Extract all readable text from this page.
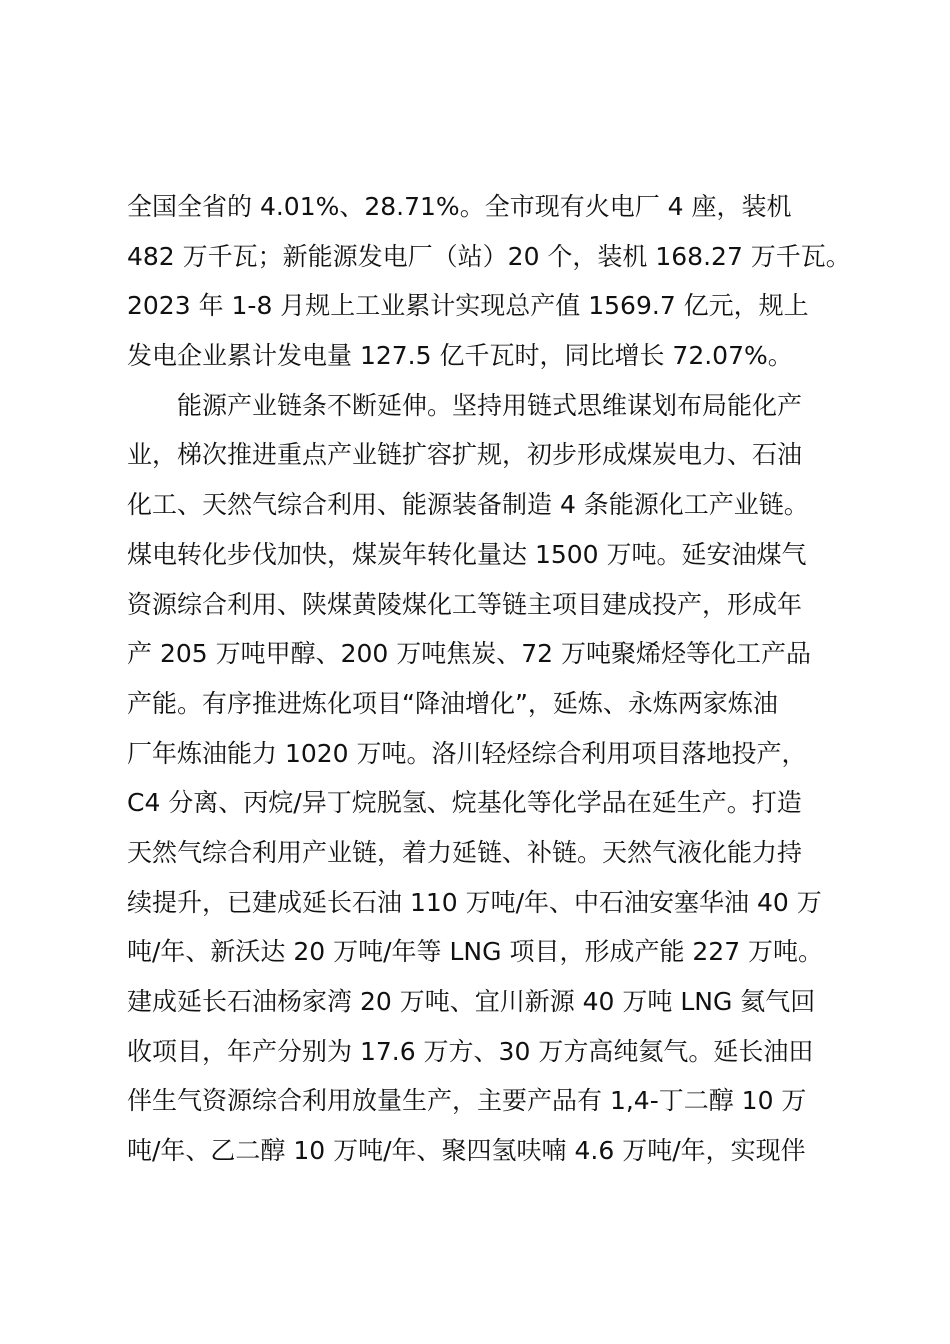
全国全省的 4.01%、28.71%。全市现有火电厂 4 座，装机
482 万千瓦；新能源发电厂（站）20 个，装机 168.27 万千瓦。
2023 年 1-8 月规上工业累计实现总产值 1569.7 亿元，规上
发电企业累计发电量 127.5 亿千瓦时，同比增长 72.07%。
能源产业链条不断延伸。坚持用链式思维谋划布局能化产
业，梯次推进重点产业链扩容扩规，初步形成煤炭电力、石油
化工、天然气综合利用、能源装备制造 4 条能源化工产业链。
煤电转化步伐加快，煤炭年转化量达 1500 万吨。延安油煤气
资源综合利用、陕煤黄陵煤化工等链主项目建成投产，形成年
产 205 万吨甲醇、200 万吨焦炭、72 万吨聚烯烃等化工产品
产能。有序推进炼化项目“降油增化”，延炼、永炼两家炼油
厂年炼油能力 1020 万吨。洛川轻烃综合利用项目落地投产，
C4 分离、丙烷/异丁烷脱氢、烷基化等化学品在延生产。打造
天然气综合利用产业链，着力延链、补链。天然气液化能力持
续提升，已建成延长石油 110 万吨/年、中石油安塞华油 40 万
吨/年、新沃达 20 万吨/年等 LNG 项目，形成产能 227 万吨。
建成延长石油杨家湾 20 万吨、宜川新源 40 万吨 LNG 氦气回
收项目，年产分别为 17.6 万方、30 万方高纯氦气。延长油田
伴生气资源综合利用放量生产，主要产品有 1,4-丁二醇 10 万
吨/年、乙二醇 10 万吨/年、聚四氢呋喃 4.6 万吨/年，实现伴
